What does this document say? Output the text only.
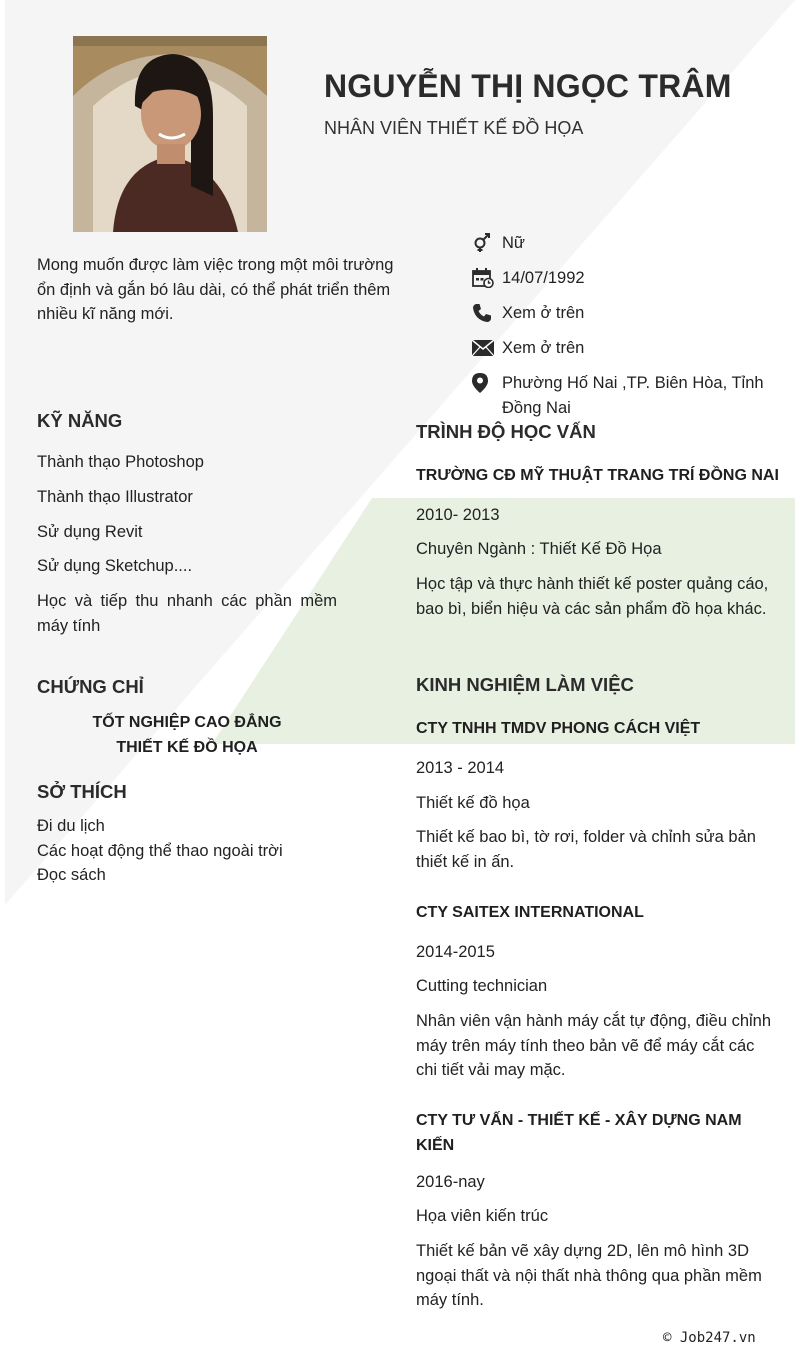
NGUYỄN THỊ NGỌC TRÂM
NHÂN VIÊN THIẾT KẾ ĐỒ HỌA
Mong muốn được làm việc trong một môi trường ổn định và gắn bó lâu dài, có thể phát triển thêm nhiều kĩ năng mới.
Nữ
14/07/1992
Xem ở trên
Xem ở trên
Phường Hố Nai ,TP. Biên Hòa, Tỉnh Đồng Nai
KỸ NĂNG
Thành thạo Photoshop
Thành thạo Illustrator
Sử dụng Revit
Sử dụng Sketchup....
Học và tiếp thu nhanh các phần mềm máy tính
CHỨNG CHỈ
TỐT NGHIỆP CAO ĐẲNG
THIẾT KẾ ĐỒ HỌA
SỞ THÍCH
Đi du lịch
Các hoạt động thể thao ngoài trời
Đọc sách
TRÌNH ĐỘ HỌC VẤN
TRƯỜNG CĐ MỸ THUẬT TRANG TRÍ ĐỒNG NAI
2010- 2013
Chuyên Ngành : Thiết Kế Đồ Họa
Học tập và thực hành thiết kế poster quảng cáo, bao bì, biển hiệu và các sản phẩm đồ họa khác.
KINH NGHIỆM LÀM VIỆC
CTY TNHH TMDV PHONG CÁCH VIỆT
2013 - 2014
Thiết kế đồ họa
Thiết kế bao bì, tờ rơi, folder và chỉnh sửa bản thiết kế in ấn.
CTY SAITEX INTERNATIONAL
2014-2015
Cutting technician
Nhân viên vận hành máy cắt tự động, điều chỉnh máy trên máy tính theo bản vẽ để máy cắt các chi tiết vải may mặc.
CTY TƯ VẤN - THIẾT KẾ - XÂY DỰNG NAM KIẾN
2016-nay
Họa viên kiến trúc
Thiết kế bản vẽ xây dựng 2D, lên mô hình 3D ngoại thất và nội thất nhà thông qua phần mềm máy tính.
© Job247.vn
